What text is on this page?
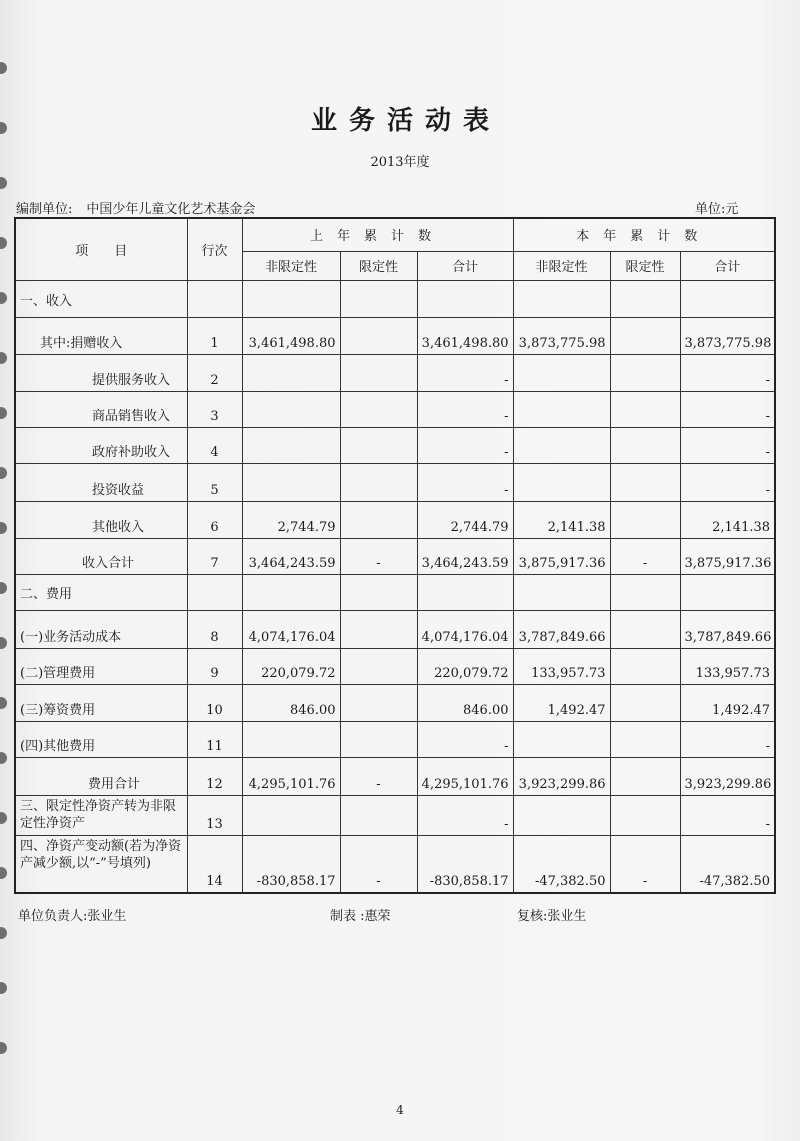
业务活动表
2013年度
编制单位: 中国少年儿童文化艺术基金会	单位:元
项　　目	行次	上年累计数			本年累计数		
		非限定性	限定性	合计	非限定性	限定性	合计
一、收入							
其中:捐赠收入	1	3,461,498.80		3,461,498.80	3,873,775.98		3,873,775.98
提供服务收入	2			-			-
商品销售收入	3			-			-
政府补助收入	4			-			-
投资收益	5			-			-
其他收入	6	2,744.79		2,744.79	2,141.38		2,141.38
收入合计	7	3,464,243.59	-	3,464,243.59	3,875,917.36	-	3,875,917.36
二、费用							
(一)业务活动成本	8	4,074,176.04		4,074,176.04	3,787,849.66		3,787,849.66
(二)管理费用	9	220,079.72		220,079.72	133,957.73		133,957.73
(三)筹资费用	10	846.00		846.00	1,492.47		1,492.47
(四)其他费用	11			-			-
费用合计	12	4,295,101.76	-	4,295,101.76	3,923,299.86		3,923,299.86
三、限定性净资产转为非限定性净资产	13			-			-
四、净资产变动额(若为净资产减少额,以“-”号填列)	14	-830,858.17	-	-830,858.17	-47,382.50	-	-47,382.50
单位负责人:张业生	制表 :惠荣	复核:张业生
4
